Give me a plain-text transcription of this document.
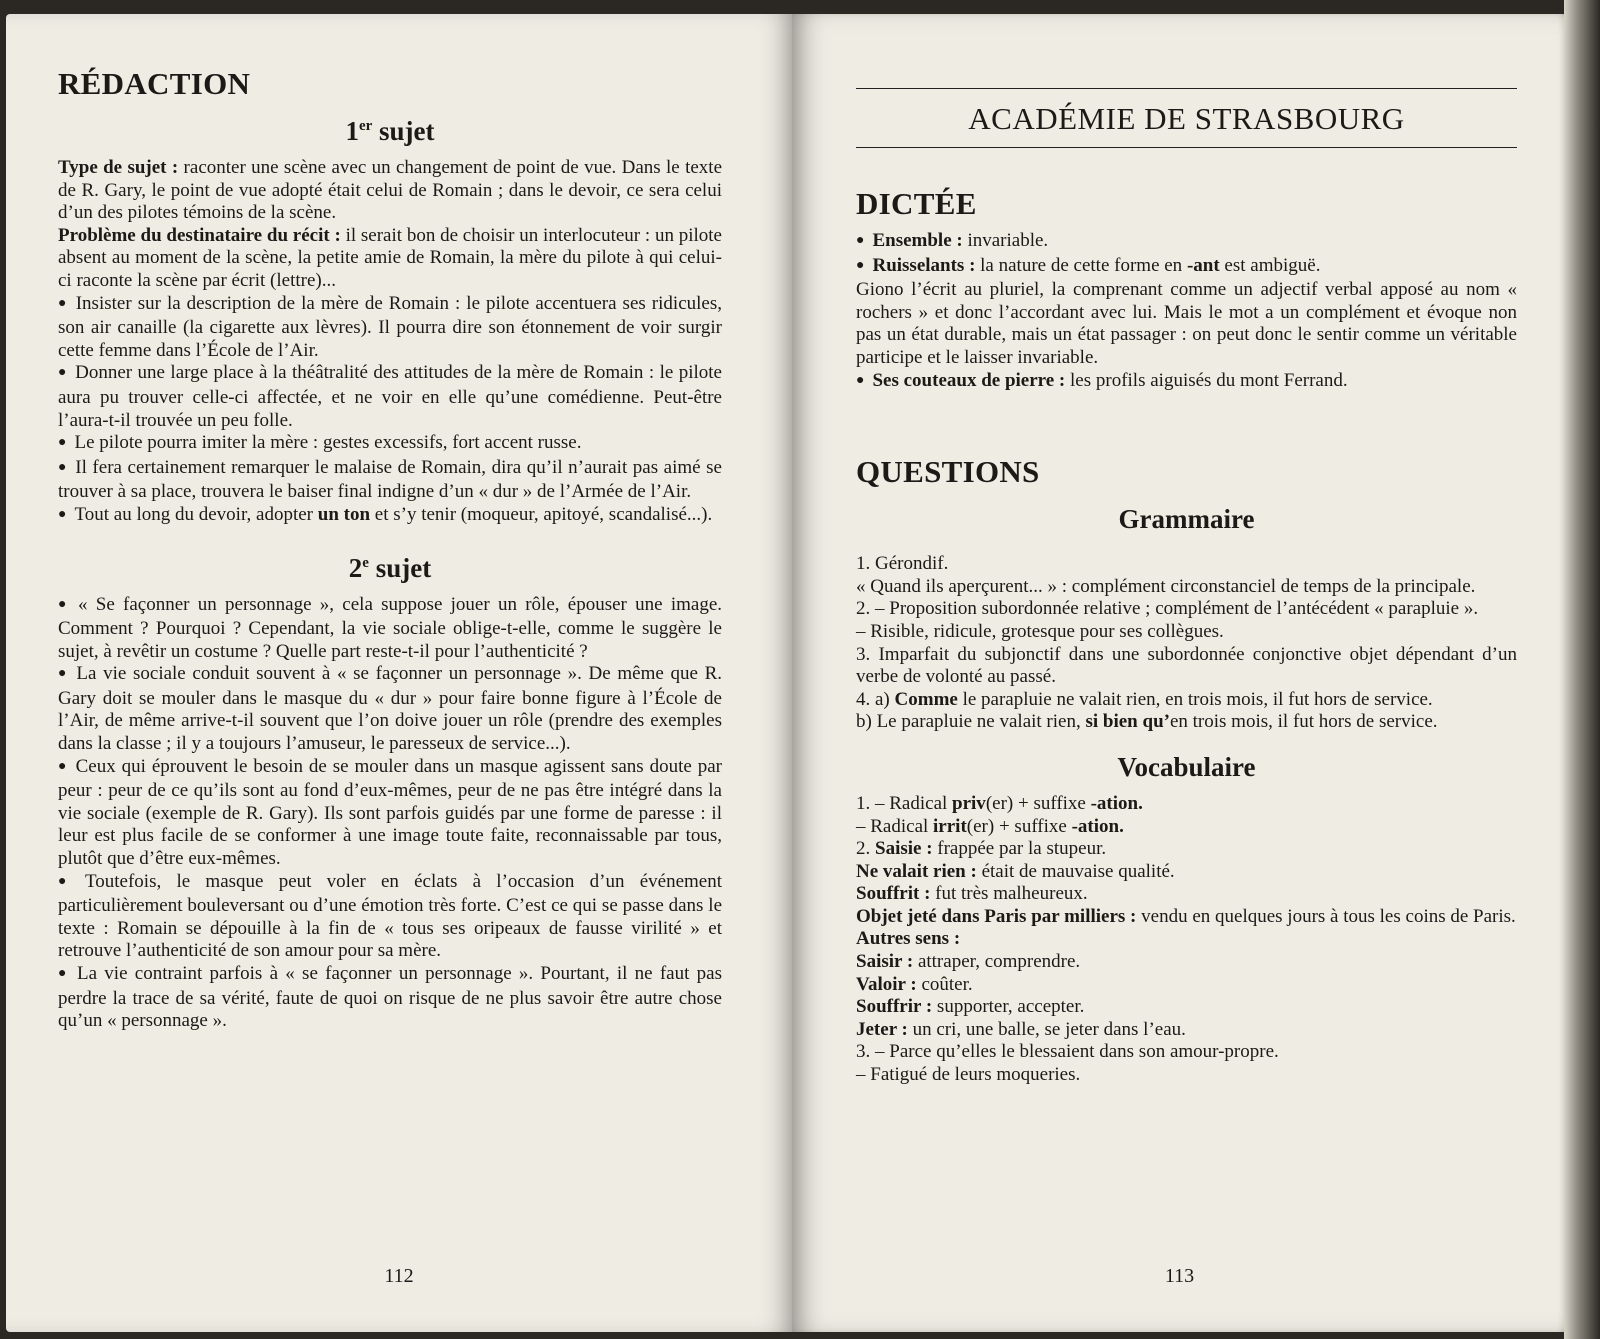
RÉDACTION
1er sujet

Type de sujet : raconter une scène avec un changement de point de vue. Dans le texte de R. Gary, le point de vue adopté était celui de Romain ; dans le devoir, ce sera celui d’un des pilotes témoins de la scène.

Problème du destinataire du récit : il serait bon de choisir un interlocuteur : un pilote absent au moment de la scène, la petite amie de Romain, la mère du pilote à qui celui-ci raconte la scène par écrit (lettre)...

● Insister sur la description de la mère de Romain : le pilote accentuera ses ridicules, son air canaille (la cigarette aux lèvres). Il pourra dire son étonnement de voir surgir cette femme dans l’École de l’Air.

● Donner une large place à la théâtralité des attitudes de la mère de Romain : le pilote aura pu trouver celle-ci affectée, et ne voir en elle qu’une comédienne. Peut-être l’aura-t-il trouvée un peu folle.

● Le pilote pourra imiter la mère : gestes excessifs, fort accent russe.

● Il fera certainement remarquer le malaise de Romain, dira qu’il n’aurait pas aimé se trouver à sa place, trouvera le baiser final indigne d’un « dur » de l’Armée de l’Air.

● Tout au long du devoir, adopter un ton et s’y tenir (moqueur, apitoyé, scandalisé...).

2e sujet

● « Se façonner un personnage », cela suppose jouer un rôle, épouser une image. Comment ? Pourquoi ? Cependant, la vie sociale oblige-t-elle, comme le suggère le sujet, à revêtir un costume ? Quelle part reste-t-il pour l’authenticité ?

● La vie sociale conduit souvent à « se façonner un personnage ». De même que R. Gary doit se mouler dans le masque du « dur » pour faire bonne figure à l’École de l’Air, de même arrive-t-il souvent que l’on doive jouer un rôle (prendre des exemples dans la classe ; il y a toujours l’amuseur, le paresseux de service...).

● Ceux qui éprouvent le besoin de se mouler dans un masque agissent sans doute par peur : peur de ce qu’ils sont au fond d’eux-mêmes, peur de ne pas être intégré dans la vie sociale (exemple de R. Gary). Ils sont parfois guidés par une forme de paresse : il leur est plus facile de se conformer à une image toute faite, reconnaissable par tous, plutôt que d’être eux-mêmes.

● Toutefois, le masque peut voler en éclats à l’occasion d’un événement particulièrement bouleversant ou d’une émotion très forte. C’est ce qui se passe dans le texte : Romain se dépouille à la fin de « tous ses oripeaux de fausse virilité » et retrouve l’authenticité de son amour pour sa mère.

● La vie contraint parfois à « se façonner un personnage ». Pourtant, il ne faut pas perdre la trace de sa vérité, faute de quoi on risque de ne plus savoir être autre chose qu’un « personnage ».

112
ACADÉMIE DE STRASBOURG
DICTÉE

● Ensemble : invariable.

● Ruisselants : la nature de cette forme en -ant est ambiguë.

Giono l’écrit au pluriel, la comprenant comme un adjectif verbal apposé au nom « rochers » et donc l’accordant avec lui. Mais le mot a un complément et évoque non pas un état durable, mais un état passager : on peut donc le sentir comme un véritable participe et le laisser invariable.

● Ses couteaux de pierre : les profils aiguisés du mont Ferrand.

QUESTIONS
Grammaire

1. Gérondif.

« Quand ils aperçurent... » : complément circonstanciel de temps de la principale.

2. – Proposition subordonnée relative ; complément de l’antécédent « parapluie ».

– Risible, ridicule, grotesque pour ses collègues.

3. Imparfait du subjonctif dans une subordonnée conjonctive objet dépendant d’un verbe de volonté au passé.

4. a) Comme le parapluie ne valait rien, en trois mois, il fut hors de service.

b) Le parapluie ne valait rien, si bien qu’en trois mois, il fut hors de service.

Vocabulaire

1. – Radical priv(er) + suffixe -ation.

– Radical irrit(er) + suffixe -ation.

2. Saisie : frappée par la stupeur.

Ne valait rien : était de mauvaise qualité.

Souffrit : fut très malheureux.

Objet jeté dans Paris par milliers : vendu en quelques jours à tous les coins de Paris.

Autres sens :

Saisir : attraper, comprendre.

Valoir : coûter.

Souffrir : supporter, accepter.

Jeter : un cri, une balle, se jeter dans l’eau.

3. – Parce qu’elles le blessaient dans son amour-propre.

– Fatigué de leurs moqueries.

113
